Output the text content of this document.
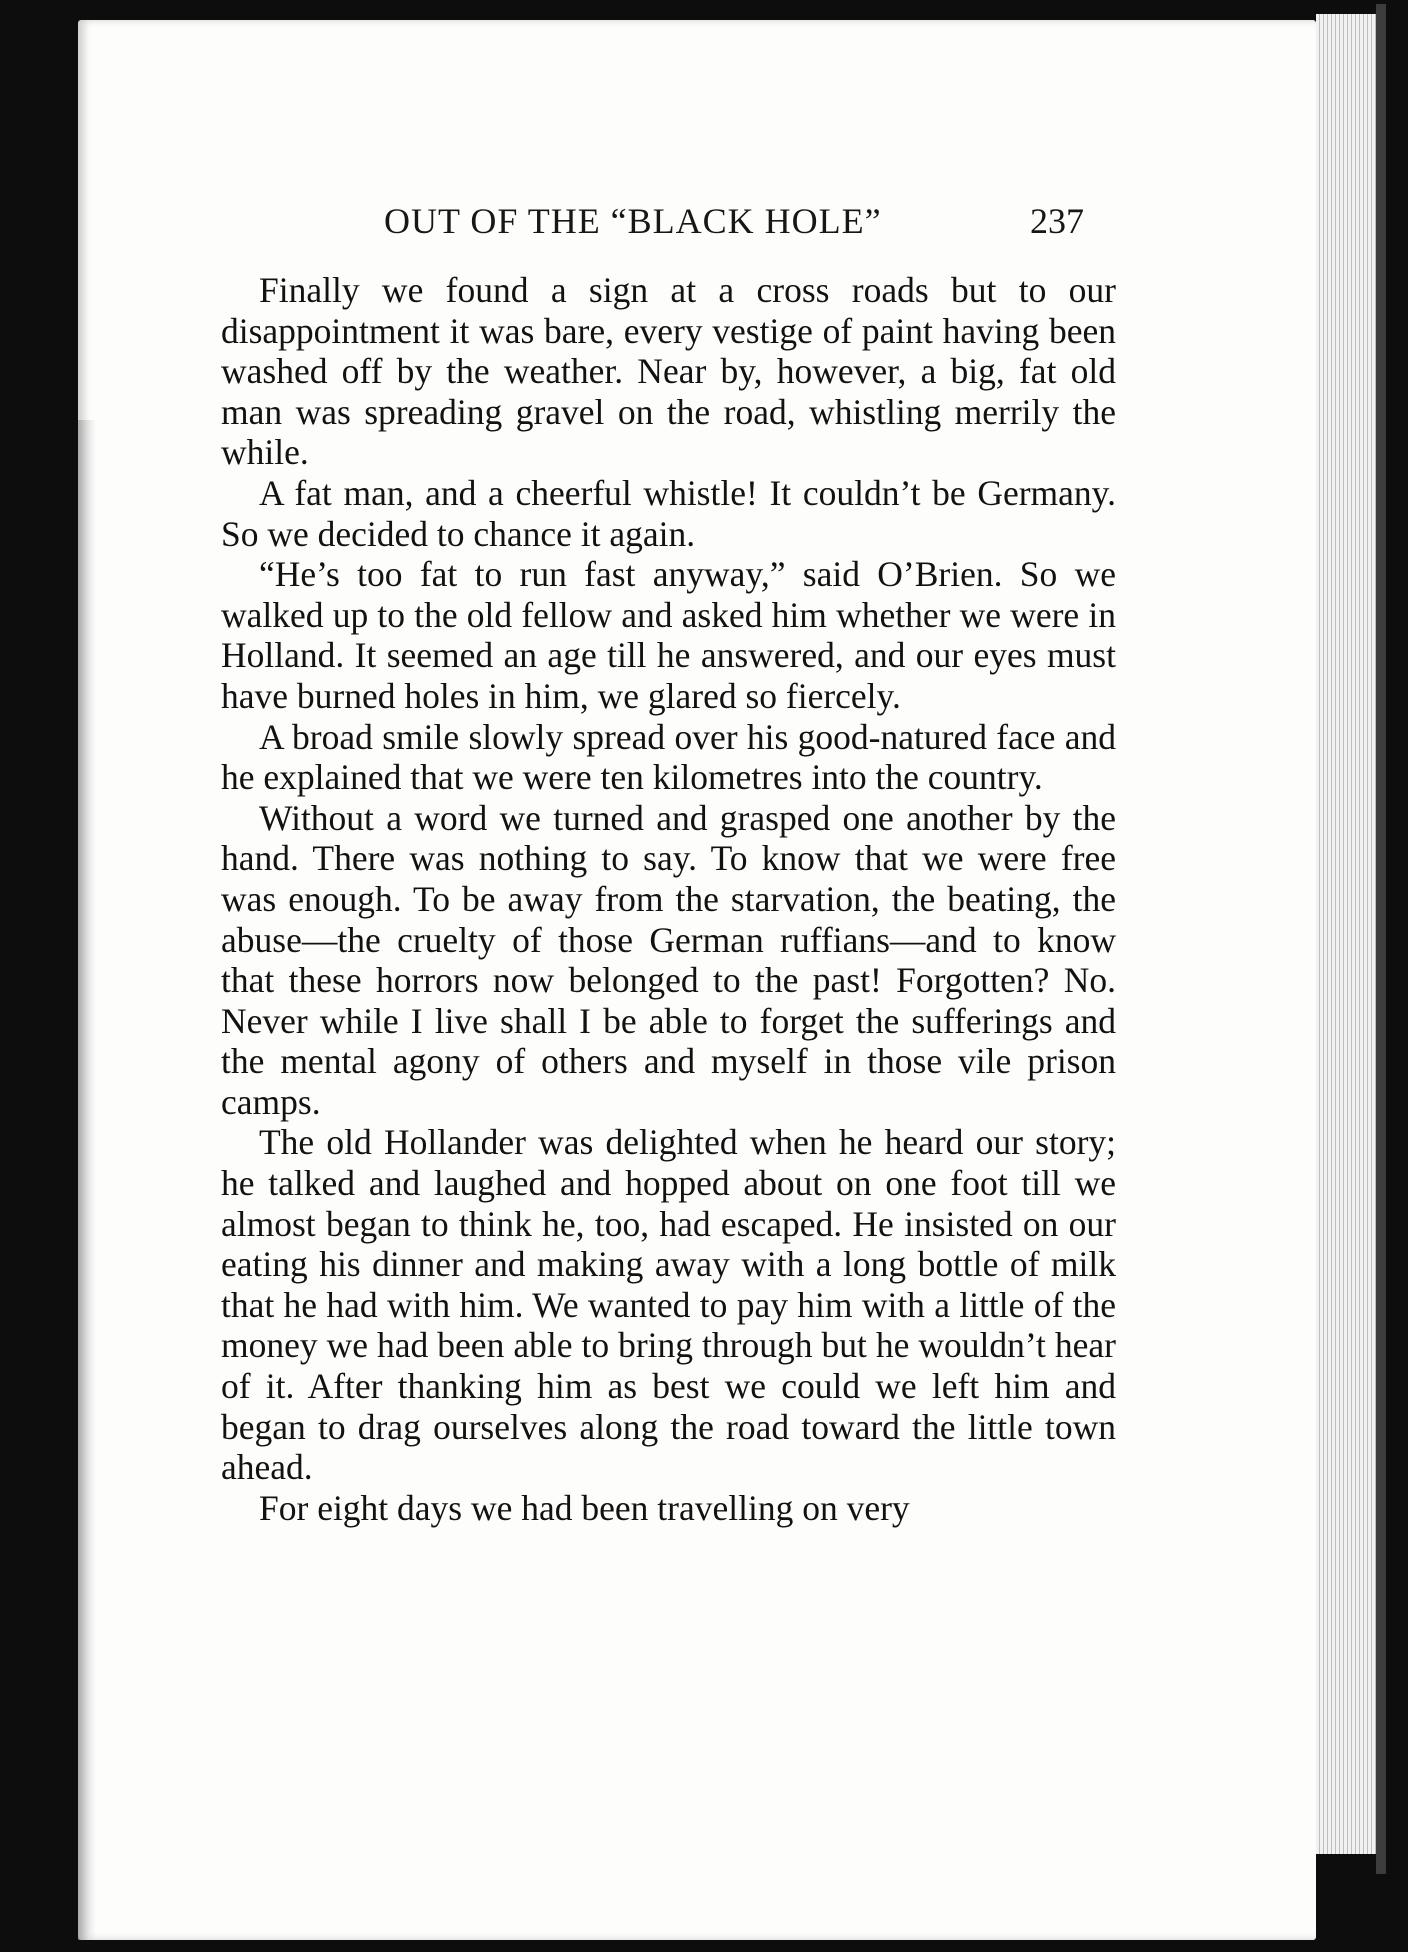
OUT OF THE “BLACK HOLE”	237

Finally we found a sign at a cross roads but to our disappointment it was bare, every vestige of paint having been washed off by the weather. Near by, however, a big, fat old man was spreading gravel on the road, whistling merrily the while.

A fat man, and a cheerful whistle! It couldn’t be Germany. So we decided to chance it again.

“He’s too fat to run fast anyway,” said O’Brien. So we walked up to the old fellow and asked him whether we were in Holland. It seemed an age till he answered, and our eyes must have burned holes in him, we glared so fiercely.

A broad smile slowly spread over his good-natured face and he explained that we were ten kilometres into the country.

Without a word we turned and grasped one another by the hand. There was nothing to say. To know that we were free was enough. To be away from the starvation, the beating, the abuse—the cruelty of those German ruffians—and to know that these horrors now belonged to the past! Forgotten? No. Never while I live shall I be able to forget the sufferings and the mental agony of others and myself in those vile prison camps.

The old Hollander was delighted when he heard our story; he talked and laughed and hopped about on one foot till we almost began to think he, too, had escaped. He insisted on our eating his dinner and making away with a long bottle of milk that he had with him. We wanted to pay him with a little of the money we had been able to bring through but he wouldn’t hear of it. After thanking him as best we could we left him and began to drag ourselves along the road toward the little town ahead.

For eight days we had been travelling on very
